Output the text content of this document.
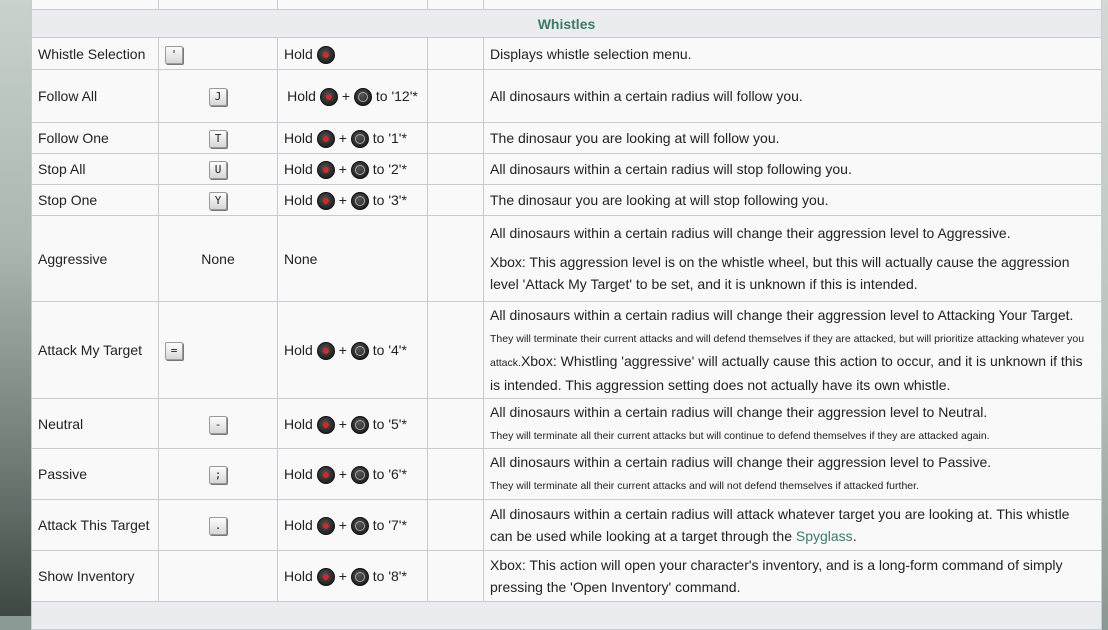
Whistles				
Whistle Selection	'	Hold		Displays whistle selection menu.
Follow All	J	Hold + to '12'*		All dinosaurs within a certain radius will follow you.
Follow One	T	Hold + to '1'*		The dinosaur you are looking at will follow you.
Stop All	U	Hold + to '2'*		All dinosaurs within a certain radius will stop following you.
Stop One	Y	Hold + to '3'*		The dinosaur you are looking at will stop following you.
Aggressive	None	None		All dinosaurs within a certain radius will change their aggression level to Aggressive.

Xbox: This aggression level is on the whistle wheel, but this will actually cause the aggression level 'Attack My Target' to be set, and it is unknown if this is intended.

Attack My Target	=	Hold + to '4'*		All dinosaurs within a certain radius will change their aggression level to Attacking Your Target.
They will terminate their current attacks and will defend themselves if they are attacked, but will prioritize attacking whatever you attack.Xbox: Whistling 'aggressive' will actually cause this action to occur, and it is unknown if this is intended. This aggression setting does not actually have its own whistle.
Neutral	-	Hold + to '5'*		All dinosaurs within a certain radius will change their aggression level to Neutral.
They will terminate all their current attacks but will continue to defend themselves if they are attacked again.
Passive	;	Hold + to '6'*		All dinosaurs within a certain radius will change their aggression level to Passive.
They will terminate all their current attacks and will not defend themselves if attacked further.
Attack This Target	.	Hold + to '7'*		All dinosaurs within a certain radius will attack whatever target you are looking at. This whistle can be used while looking at a target through the Spyglass.
Show Inventory		Hold + to '8'*		Xbox: This action will open your character's inventory, and is a long-form command of simply pressing the 'Open Inventory' command.
